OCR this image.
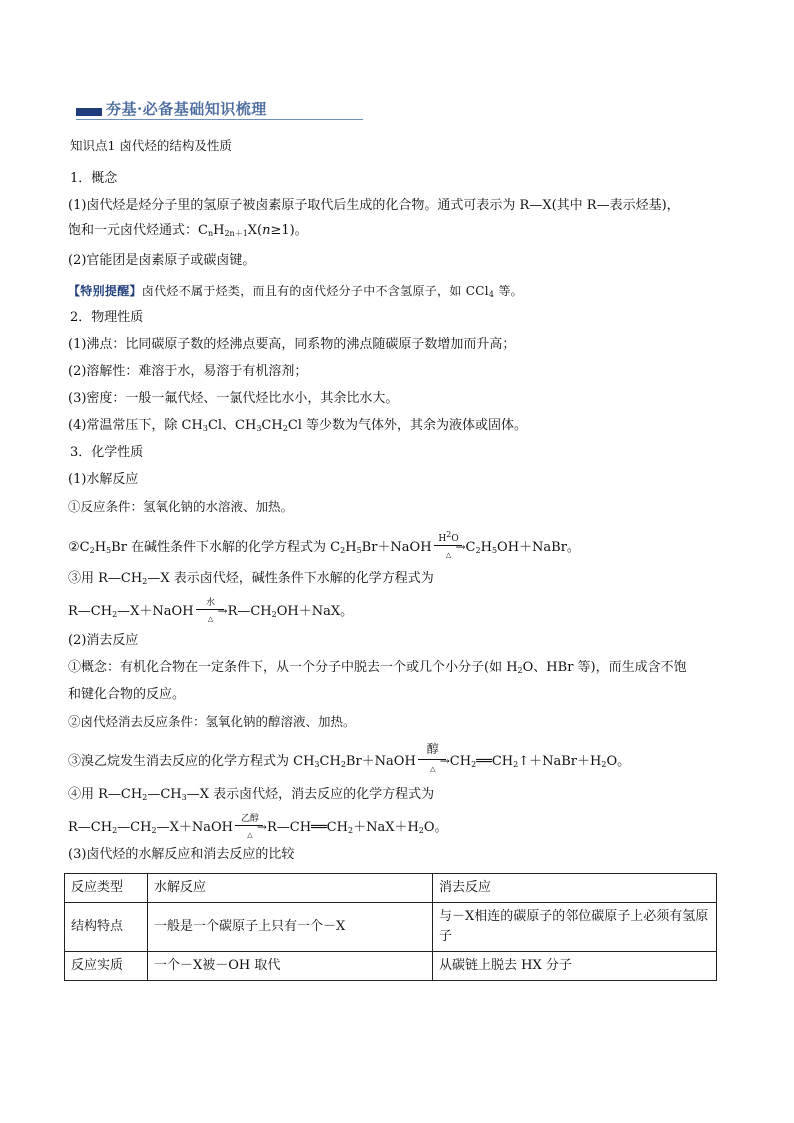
夯基·必备基础知识梳理
知识点1 卤代烃的结构及性质
1．概念
(1)卤代烃是烃分子里的氢原子被卤素原子取代后生成的化合物。通式可表示为 R—X(其中 R—表示烃基)，
饱和一元卤代烃通式：$C_nH_{2n+1}X(n\ge 1)$。
(2)官能团是卤素原子或碳卤键。
【特别提醒】卤代烃不属于烃类，而且有的卤代烃分子中不含氢原子，如 CCl$_4$ 等。
2．物理性质
(1)沸点：比同碳原子数的烃沸点要高，同系物的沸点随碳原子数增加而升高；
(2)溶解性：难溶于水，易溶于有机溶剂；
(3)密度：一般一氟代烃、一氯代烃比水小，其余比水大。
(4)常温常压下，除 $CH_3Cl$、$CH_3CH_2Cl$ 等少数为气体外，其余为液体或固体。
3．化学性质
(1)水解反应
①反应条件：氢氧化钠的水溶液、加热。
$②C_2H_5Br$ 在碱性条件下水解的化学方程式为 $C_2H_5Br+NaOH$
$H^2O$
→
△	$C_2H_5OH+NaBr$。
③用 $R—CH_2—X$ 表示卤代烃，碱性条件下水解的化学方程式为
$R—CH_2—X+NaOH$
水
→
△	$R—CH_2OH+NaX$。
(2)消去反应
①概念：有机化合物在一定条件下，从一个分子中脱去一个或几个小分子(如 $H_2O$、HBr 等)，而生成含不饱
和键化合物的反应。
②卤代烃消去反应条件：氢氧化钠的醇溶液、加热。
③溴乙烷发生消去反应的化学方程式为 $CH_3CH_2Br+NaOH$
醇
→
△	$CH_2══CH_2↑+NaBr+H_2O$。
④用 $R—CH_2—CH_3—X$ 表示卤代烃，消去反应的化学方程式为
$R—CH_2—CH_2—X+NaOH$
乙醇
→
△	$R—CH══CH_2+NaX+H_2O$。
(3)卤代烃的水解反应和消去反应的比较
反应类型	水解反应	消去反应
结构特点	一般是一个碳原子上只有一个－X	与－X相连的碳原子的邻位碳原子上必须有氢原子
反应实质	一个－X被－OH 取代	从碳链上脱去 HX 分子
